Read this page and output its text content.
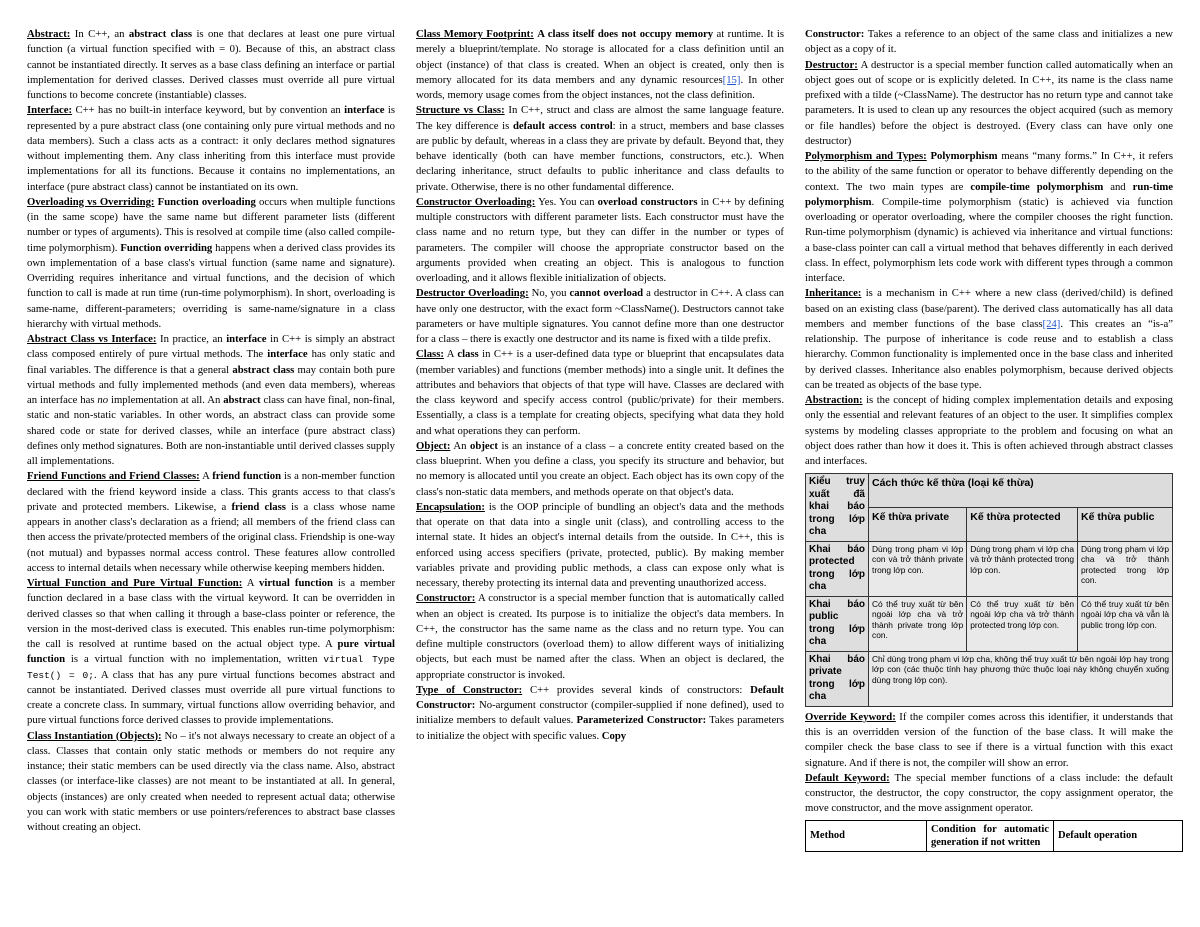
Abstract: In C++, an abstract class is one that declares at least one pure virtual function (a virtual function specified with = 0). Because of this, an abstract class cannot be instantiated directly. It serves as a base class defining an interface or partial implementation for derived classes. Derived classes must override all pure virtual functions to become concrete (instantiable) classes.

Interface: C++ has no built-in interface keyword, but by convention an interface is represented by a pure abstract class (one containing only pure virtual methods and no data members). Such a class acts as a contract: it only declares method signatures without implementing them. Any class inheriting from this interface must provide implementations for all its functions. Because it contains no implementations, an interface (pure abstract class) cannot be instantiated on its own.

Overloading vs Overriding: Function overloading occurs when multiple functions (in the same scope) have the same name but different parameter lists (different number or types of arguments). This is resolved at compile time (also called compile-time polymorphism). Function overriding happens when a derived class provides its own implementation of a base class's virtual function (same name and signature). Overriding requires inheritance and virtual functions, and the decision of which function to call is made at run time (run-time polymorphism). In short, overloading is same-name, different-parameters; overriding is same-name/signature in a class hierarchy with virtual methods.

Abstract Class vs Interface: In practice, an interface in C++ is simply an abstract class composed entirely of pure virtual methods. The interface has only static and final variables. The difference is that a general abstract class may contain both pure virtual methods and fully implemented methods (and even data members), whereas an interface has no implementation at all. An abstract class can have final, non-final, static and non-static variables. In other words, an abstract class can provide some shared code or state for derived classes, while an interface (pure abstract class) defines only method signatures. Both are non-instantiable until derived classes supply all implementations.

Friend Functions and Friend Classes: A friend function is a non-member function declared with the friend keyword inside a class. This grants access to that class's private and protected members. Likewise, a friend class is a class whose name appears in another class's declaration as a friend; all members of the friend class can then access the private/protected members of the original class. Friendship is one-way (not mutual) and bypasses normal access control. These features allow controlled access to internal details when necessary while otherwise keeping members hidden.

Virtual Function and Pure Virtual Function: A virtual function is a member function declared in a base class with the virtual keyword. It can be overridden in derived classes so that when calling it through a base-class pointer or reference, the version in the most-derived class is executed. This enables run-time polymorphism: the call is resolved at runtime based on the actual object type. A pure virtual function is a virtual function with no implementation, written virtual Type Test() = 0;. A class that has any pure virtual functions becomes abstract and cannot be instantiated. Derived classes must override all pure virtual functions to create a concrete class. In summary, virtual functions allow overriding behavior, and pure virtual functions force derived classes to provide implementations.

Class Instantiation (Objects): No – it's not always necessary to create an object of a class. Classes that contain only static methods or members do not require any instance; their static members can be used directly via the class name. Also, abstract classes (or interface-like classes) are not meant to be instantiated at all. In general, objects (instances) are only created when needed to represent actual data; otherwise you can work with static members or use pointers/references to abstract base classes without creating an object.

Class Memory Footprint: A class itself does not occupy memory at runtime. It is merely a blueprint/template. No storage is allocated for a class definition until an object (instance) of that class is created. When an object is created, only then is memory allocated for its data members and any dynamic resources[15]. In other words, memory usage comes from the object instances, not the class definition.

Structure vs Class: In C++, struct and class are almost the same language feature. The key difference is default access control: in a struct, members and base classes are public by default, whereas in a class they are private by default. Beyond that, they behave identically (both can have member functions, constructors, etc.). When declaring inheritance, struct defaults to public inheritance and class defaults to private. Otherwise, there is no other fundamental difference.

Constructor Overloading: Yes. You can overload constructors in C++ by defining multiple constructors with different parameter lists. Each constructor must have the class name and no return type, but they can differ in the number or types of parameters. The compiler will choose the appropriate constructor based on the arguments provided when creating an object. This is analogous to function overloading, and it allows flexible initialization of objects.

Destructor Overloading: No, you cannot overload a destructor in C++. A class can have only one destructor, with the exact form ~ClassName(). Destructors cannot take parameters or have multiple signatures. You cannot define more than one destructor for a class – there is exactly one destructor and its name is fixed with a tilde prefix.

Class: A class in C++ is a user-defined data type or blueprint that encapsulates data (member variables) and functions (member methods) into a single unit. It defines the attributes and behaviors that objects of that type will have. Classes are declared with the class keyword and specify access control (public/private) for their members. Essentially, a class is a template for creating objects, specifying what data they hold and what operations they can perform.

Object: An object is an instance of a class – a concrete entity created based on the class blueprint. When you define a class, you specify its structure and behavior, but no memory is allocated until you create an object. Each object has its own copy of the class's non-static data members, and methods operate on that object's data.

Encapsulation: is the OOP principle of bundling an object's data and the methods that operate on that data into a single unit (class), and controlling access to the internal state. It hides an object's internal details from the outside. In C++, this is enforced using access specifiers (private, protected, public). By making member variables private and providing public methods, a class can expose only what is necessary, thereby protecting its internal data and preventing unauthorized access.

Constructor: A constructor is a special member function that is automatically called when an object is created. Its purpose is to initialize the object's data members. In C++, the constructor has the same name as the class and no return type. You can define multiple constructors (overload them) to allow different ways of initializing objects, but each must be named after the class. When an object is declared, the appropriate constructor is invoked.

Type of Constructor: C++ provides several kinds of constructors: Default Constructor: No-argument constructor (compiler-supplied if none defined), used to initialize members to default values. Parameterized Constructor: Takes parameters to initialize the object with specific values. Copy

Constructor: Takes a reference to an object of the same class and initializes a new object as a copy of it.

Destructor: A destructor is a special member function called automatically when an object goes out of scope or is explicitly deleted. In C++, its name is the class name prefixed with a tilde (~ClassName). The destructor has no return type and cannot take parameters. It is used to clean up any resources the object acquired (such as memory or file handles) before the object is destroyed. (Every class can have only one destructor)

Polymorphism and Types: Polymorphism means “many forms.” In C++, it refers to the ability of the same function or operator to behave differently depending on the context. The two main types are compile-time polymorphism and run-time polymorphism. Compile-time polymorphism (static) is achieved via function overloading or operator overloading, where the compiler chooses the right function. Run-time polymorphism (dynamic) is achieved via inheritance and virtual functions: a base-class pointer can call a virtual method that behaves differently in each derived class. In effect, polymorphism lets code work with different types through a common interface.

Inheritance: is a mechanism in C++ where a new class (derived/child) is defined based on an existing class (base/parent). The derived class automatically has all data members and member functions of the base class[24]. This creates an “is-a” relationship. The purpose of inheritance is code reuse and to establish a class hierarchy. Common functionality is implemented once in the base class and inherited by derived classes. Inheritance also enables polymorphism, because derived objects can be treated as objects of the base type.

Abstraction: is the concept of hiding complex implementation details and exposing only the essential and relevant features of an object to the user. It simplifies complex systems by modeling classes appropriate to the problem and focusing on what an object does rather than how it does it. This is often achieved through abstract classes and interfaces.

Kiểu truy xuất đã khai báo trong lớp cha	Cách thức kế thừa (loại kế thừa)		
	Kế thừa private	Kế thừa protected	Kế thừa public
Khai báo protected trong lớp cha	Dùng trong phạm vi lớp con và trở thành private trong lớp con.	Dùng trong phạm vi lớp cha và trở thành protected trong lớp con.	Dùng trong phạm vi lớp cha và trở thành protected trong lớp con.
Khai báo public trong lớp cha	Có thể truy xuất từ bên ngoài lớp cha và trở thành private trong lớp con.	Có thể truy xuất từ bên ngoài lớp cha và trở thành protected trong lớp con.	Có thể truy xuất từ bên ngoài lớp cha và vẫn là public trong lớp con.
Khai báo private trong lớp cha	Chỉ dùng trong phạm vi lớp cha, không thể truy xuất từ bên ngoài lớp hay trong lớp con (các thuộc tính hay phương thức thuộc loại này không chuyển xuống dùng trong lớp con).		

Override Keyword: If the compiler comes across this identifier, it understands that this is an overridden version of the function of the base class. It will make the compiler check the base class to see if there is a virtual function with this exact signature. And if there is not, the compiler will show an error.

Default Keyword: The special member functions of a class include: the default constructor, the destructor, the copy constructor, the copy assignment operator, the move constructor, and the move assignment operator.

Method	Condition for automatic generation if not written	Default operation
